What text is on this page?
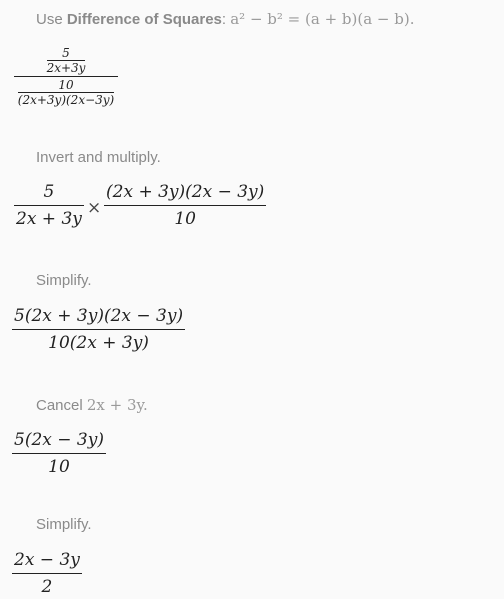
Use Difference of Squares: a² − b² = (a + b)(a − b).
$\frac{5}{2x+3y}$
$\frac{10}{(2x+3y)(2x-3y)}$
Invert and multiply.
5
2x + 3y
×
(2x + 3y)(2x − 3y)
10
Simplify.
5(2x + 3y)(2x − 3y)
10(2x + 3y)
Cancel 2x + 3y.
5(2x − 3y)
10
Simplify.
2x − 3y
2
